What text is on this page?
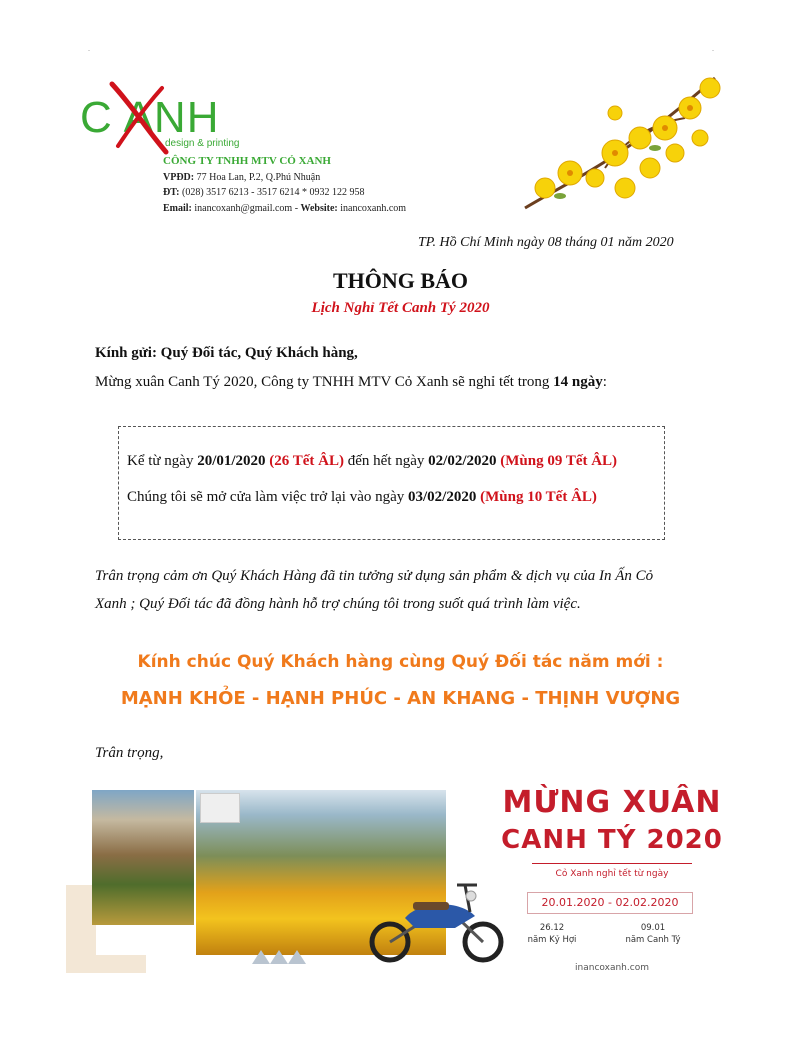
.	.
C ANH
design & printing
CÔNG TY TNHH MTV CỎ XANH
VPĐD: 77 Hoa Lan, P.2, Q.Phú Nhuận
ĐT: (028) 3517 6213 - 3517 6214 * 0932 122 958
Email: inancoxanh@gmail.com - Website: inancoxanh.com
TP. Hồ Chí Minh ngày 08 tháng 01 năm 2020
THÔNG BÁO
Lịch Nghỉ Tết Canh Tý 2020
Kính gửi: Quý Đối tác, Quý Khách hàng,
Mừng xuân Canh Tý 2020, Công ty TNHH MTV Cỏ Xanh sẽ nghỉ tết trong 14 ngày:
Kể từ ngày 20/01/2020 (26 Tết ÂL) đến hết ngày 02/02/2020 (Mùng 09 Tết ÂL)
Chúng tôi sẽ mở cửa làm việc trở lại vào ngày 03/02/2020 (Mùng 10 Tết ÂL)
Trân trọng cảm ơn Quý Khách Hàng đã tin tưởng sử dụng sản phẩm & dịch vụ của In Ấn Cỏ
Xanh ; Quý Đối tác đã đồng hành hỗ trợ chúng tôi trong suốt quá trình làm việc.
Kính chúc Quý Khách hàng cùng Quý Đối tác năm mới :
MẠNH KHỎE - HẠNH PHÚC - AN KHANG - THỊNH VƯỢNG
Trân trọng,
MỪNG XUÂN
CANH TÝ 2020
Cỏ Xanh nghỉ tết từ ngày
20.01.2020 - 02.02.2020
26.12
năm Kỷ Hợi
09.01
năm Canh Tý
inancoxanh.com
